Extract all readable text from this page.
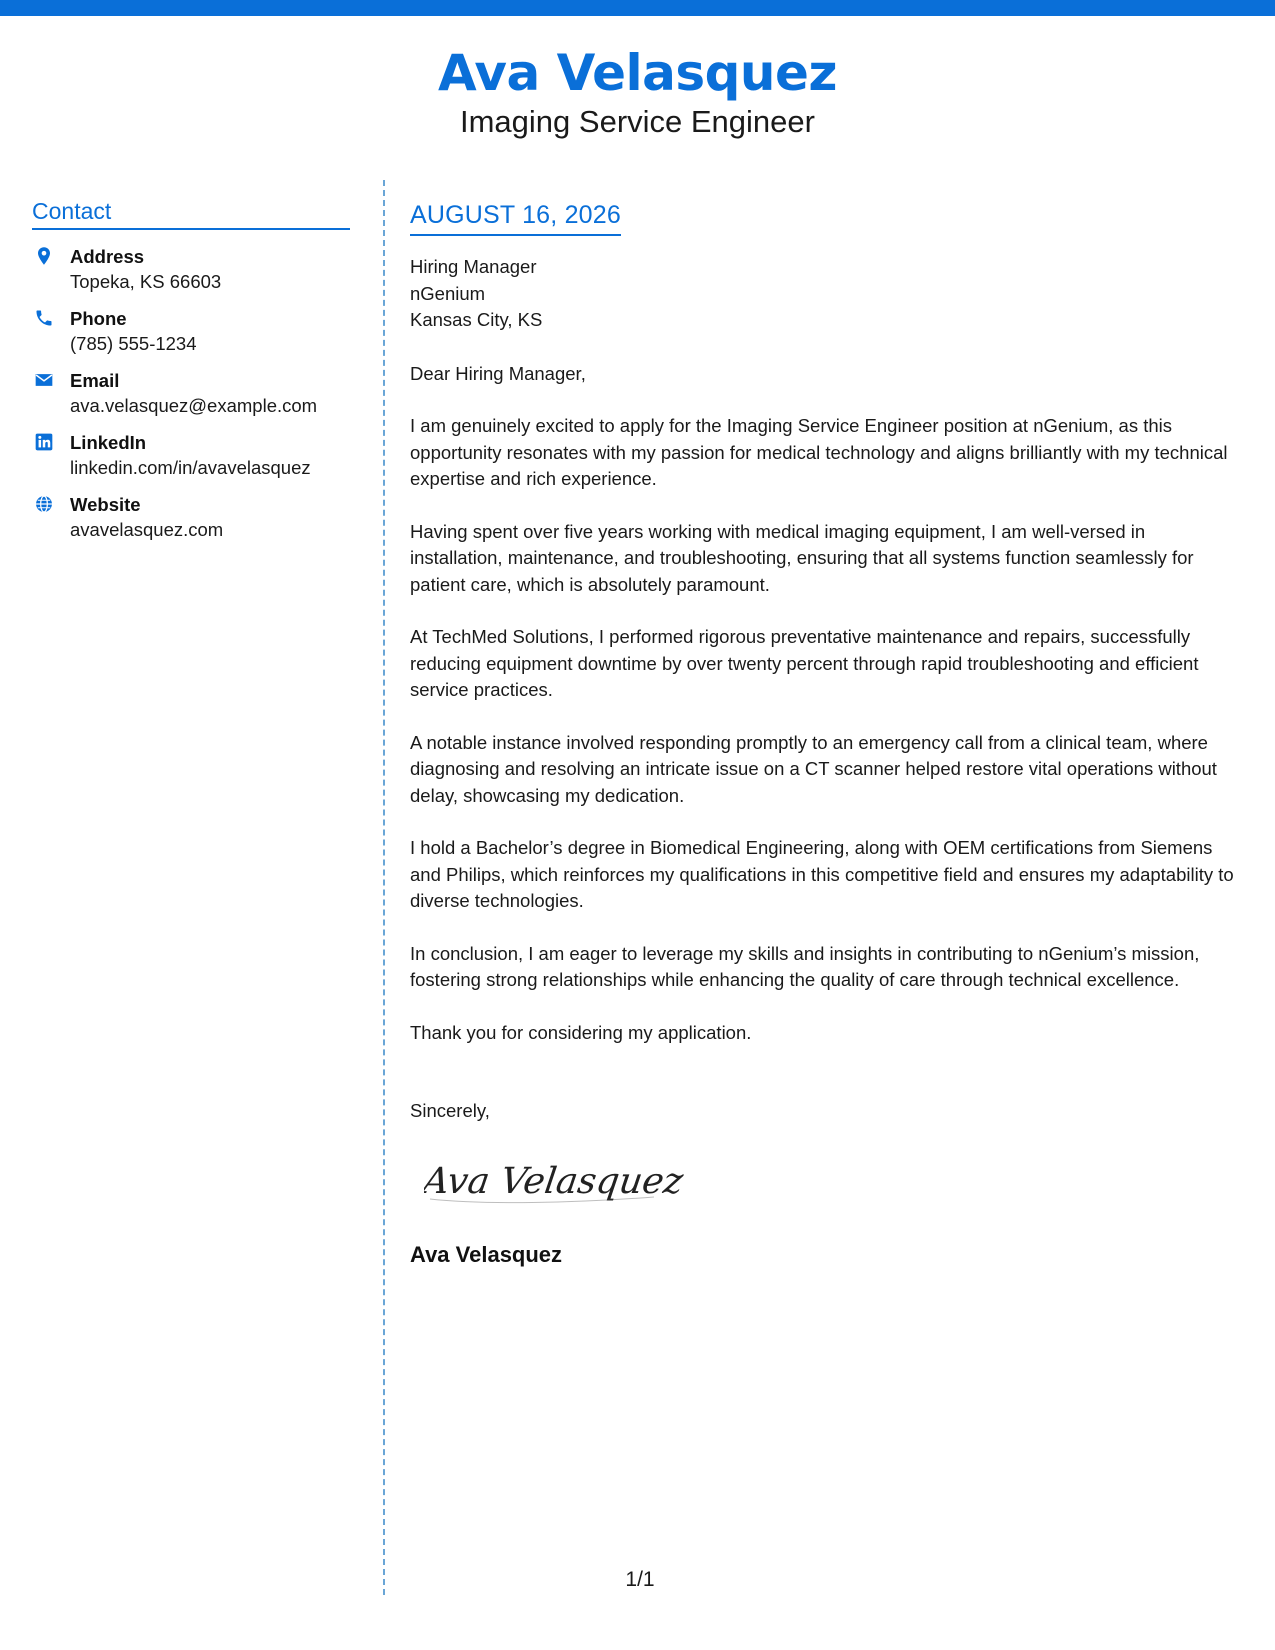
Ava Velasquez
Imaging Service Engineer
Contact
Address
Topeka, KS 66603
Phone
(785) 555-1234
Email
ava.velasquez@example.com
LinkedIn
linkedin.com/in/avavelasquez
Website
avavelasquez.com
AUGUST 16, 2026
Hiring Manager
nGenium
Kansas City, KS
Dear Hiring Manager,
I am genuinely excited to apply for the Imaging Service Engineer position at nGenium, as this opportunity resonates with my passion for medical technology and aligns brilliantly with my technical expertise and rich experience.
Having spent over five years working with medical imaging equipment, I am well-versed in installation, maintenance, and troubleshooting, ensuring that all systems function seamlessly for patient care, which is absolutely paramount.
At TechMed Solutions, I performed rigorous preventative maintenance and repairs, successfully reducing equipment downtime by over twenty percent through rapid troubleshooting and efficient service practices.
A notable instance involved responding promptly to an emergency call from a clinical team, where diagnosing and resolving an intricate issue on a CT scanner helped restore vital operations without delay, showcasing my dedication.
I hold a Bachelor’s degree in Biomedical Engineering, along with OEM certifications from Siemens and Philips, which reinforces my qualifications in this competitive field and ensures my adaptability to diverse technologies.
In conclusion, I am eager to leverage my skills and insights in contributing to nGenium’s mission, fostering strong relationships while enhancing the quality of care through technical excellence.
Thank you for considering my application.
Sincerely,
Ava Velasquez
Ava Velasquez
1/1
